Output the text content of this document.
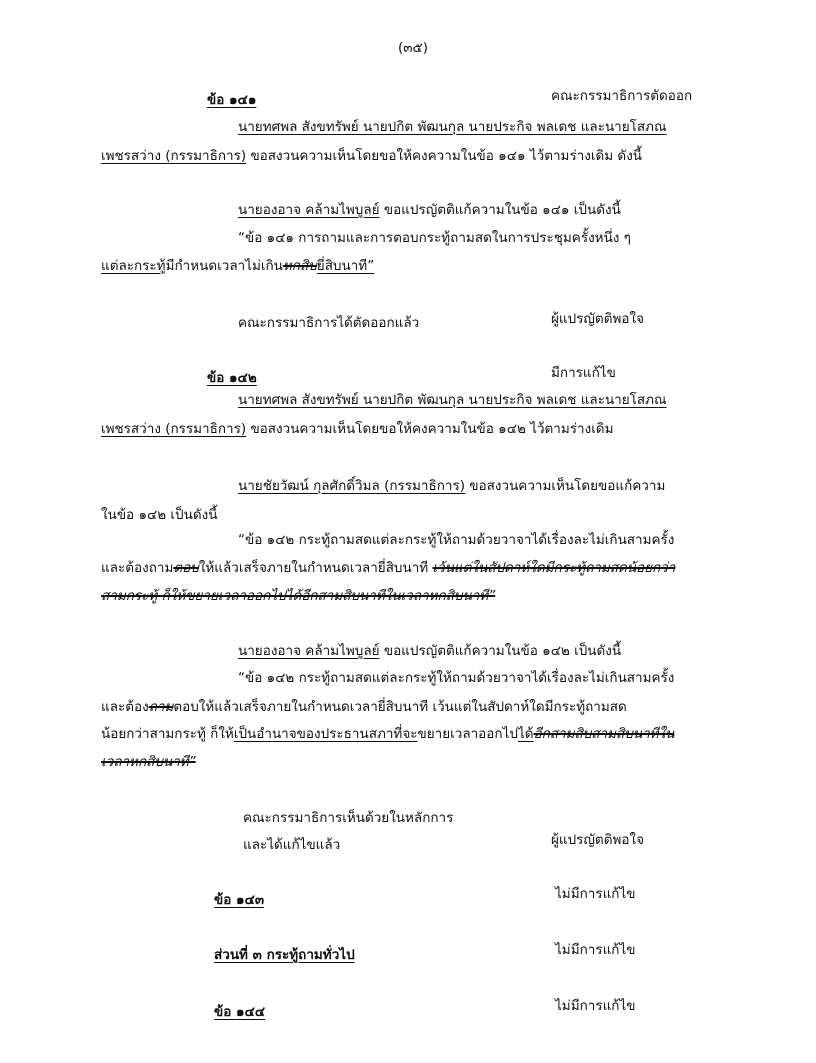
(๓๕)
ข้อ ๑๔๑	คณะกรรมาธิการตัดออก
นายทศพล สังขทรัพย์ นายปกิต พัฒนกุล นายประกิจ พลเดช และนายโสภณ
เพชรสว่าง (กรรมาธิการ) ขอสงวนความเห็นโดยขอให้คงความในข้อ ๑๔๑ ไว้ตามร่างเดิม ดังนี้
นายองอาจ คล้ามไพบูลย์ ขอแปรญัตติแก้ความในข้อ ๑๔๑ เป็นดังนี้
“ข้อ ๑๔๑ การถามและการตอบกระทู้ถามสดในการประชุมครั้งหนึ่ง ๆ
แต่ละกระทู้มีกำหนดเวลาไม่เกินหกสิบยี่สิบนาที”
คณะกรรมาธิการได้ตัดออกแล้ว	ผู้แปรญัตติพอใจ
ข้อ ๑๔๒	มีการแก้ไข
นายทศพล สังขทรัพย์ นายปกิต พัฒนกุล นายประกิจ พลเดช และนายโสภณ
เพชรสว่าง (กรรมาธิการ) ขอสงวนความเห็นโดยขอให้คงความในข้อ ๑๔๒ ไว้ตามร่างเดิม
นายชัยวัฒน์ กุลศักดิ์วิมล (กรรมาธิการ) ขอสงวนความเห็นโดยขอแก้ความ
ในข้อ ๑๔๒ เป็นดังนี้
“ข้อ ๑๔๒ กระทู้ถามสดแต่ละกระทู้ให้ถามด้วยวาจาได้เรื่องละไม่เกินสามครั้ง
และต้องถามตอบให้แล้วเสร็จภายในกำหนดเวลายี่สิบนาที เว้นแต่ในสัปดาห์ใดมีกระทู้ถามสดน้อยกว่า
สามกระทู้ ก็ให้ขยายเวลาออกไปได้อีกสามสิบนาทีในเวลาหกสิบนาที”
นายองอาจ คล้ามไพบูลย์ ขอแปรญัตติแก้ความในข้อ ๑๔๒ เป็นดังนี้
“ข้อ ๑๔๒ กระทู้ถามสดแต่ละกระทู้ให้ถามด้วยวาจาได้เรื่องละไม่เกินสามครั้ง
และต้องถามตอบให้แล้วเสร็จภายในกำหนดเวลายี่สิบนาที เว้นแต่ในสัปดาห์ใดมีกระทู้ถามสด
น้อยกว่าสามกระทู้ ก็ให้เป็นอำนาจของประธานสภาที่จะขยายเวลาออกไปได้อีกสามสิบสามสิบนาทีใน
เวลาหกสิบนาที”
คณะกรรมาธิการเห็นด้วยในหลักการ
และได้แก้ไขแล้ว	ผู้แปรญัตติพอใจ
ข้อ ๑๔๓	ไม่มีการแก้ไข
ส่วนที่ ๓ กระทู้ถามทั่วไป	ไม่มีการแก้ไข
ข้อ ๑๔๔	ไม่มีการแก้ไข
